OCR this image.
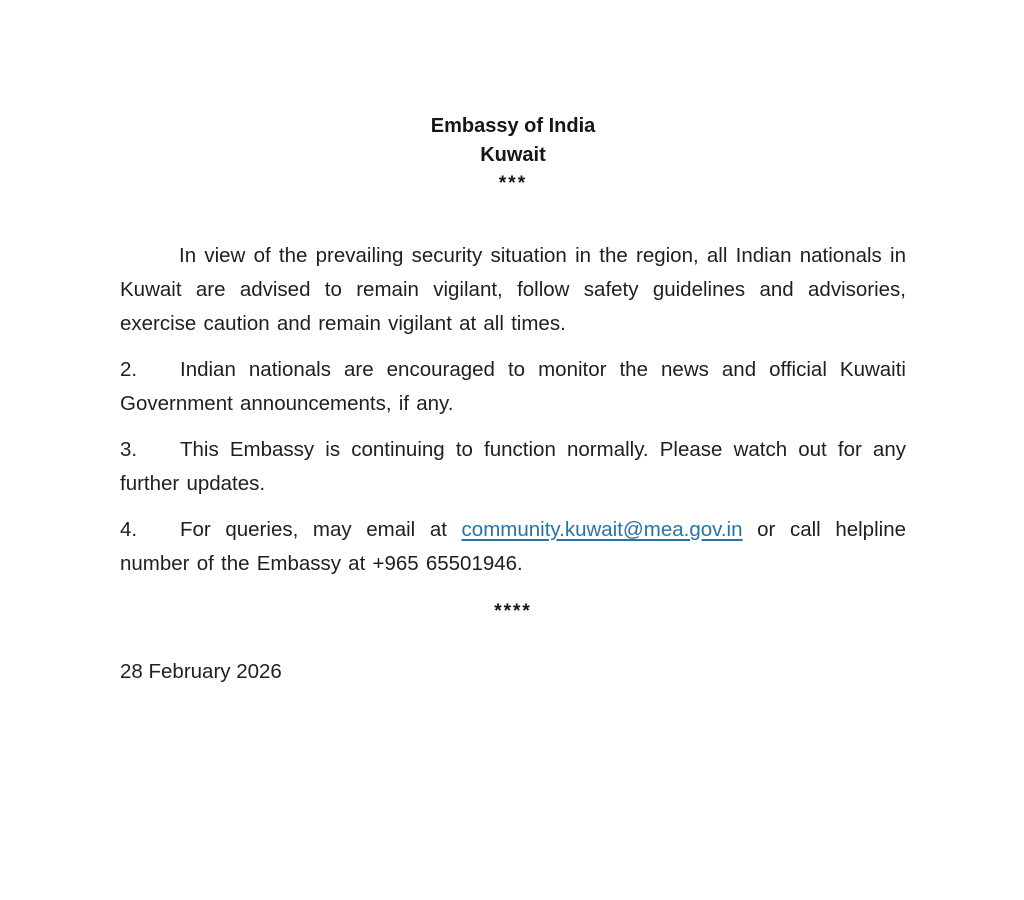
Embassy of India
Kuwait
***

In view of the prevailing security situation in the region, all Indian nationals in Kuwait are advised to remain vigilant, follow safety guidelines and advisories, exercise caution and remain vigilant at all times.

2. Indian nationals are encouraged to monitor the news and official Kuwaiti Government announcements, if any.

3. This Embassy is continuing to function normally. Please watch out for any further updates.

4. For queries, may email at community.kuwait@mea.gov.in or call helpline number of the Embassy at +965 65501946.

****
28 February 2026
